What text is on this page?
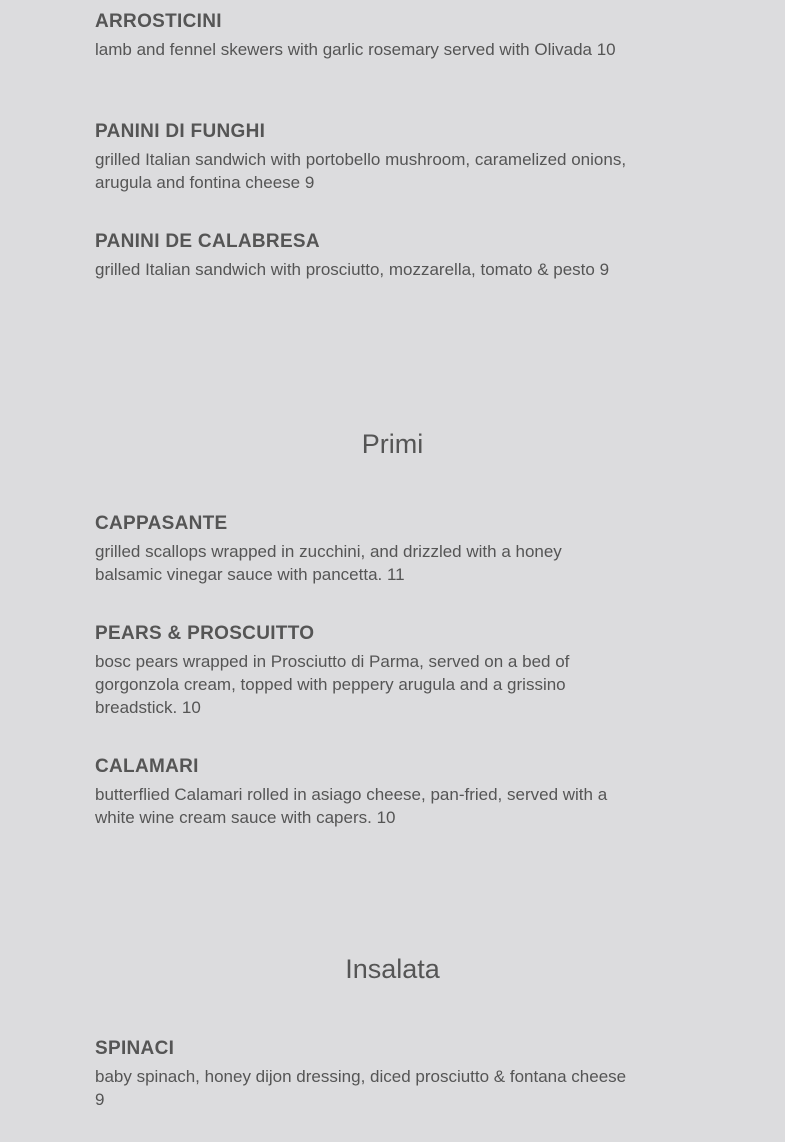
ARROSTICINI

lamb and fennel skewers with garlic rosemary served with Olivada 10

PANINI DI FUNGHI

grilled Italian sandwich with portobello mushroom, caramelized onions, arugula and fontina cheese 9

PANINI DE CALABRESA

grilled Italian sandwich with prosciutto, mozzarella, tomato & pesto 9

Primi

CAPPASANTE

grilled scallops wrapped in zucchini, and drizzled with a honey balsamic vinegar sauce with pancetta. 11

PEARS & PROSCUITTO

bosc pears wrapped in Prosciutto di Parma, served on a bed of gorgonzola cream, topped with peppery arugula and a grissino breadstick. 10

CALAMARI

butterflied Calamari rolled in asiago cheese, pan-fried, served with a white wine cream sauce with capers. 10

Insalata

SPINACI

baby spinach, honey dijon dressing, diced prosciutto & fontana cheese 9
